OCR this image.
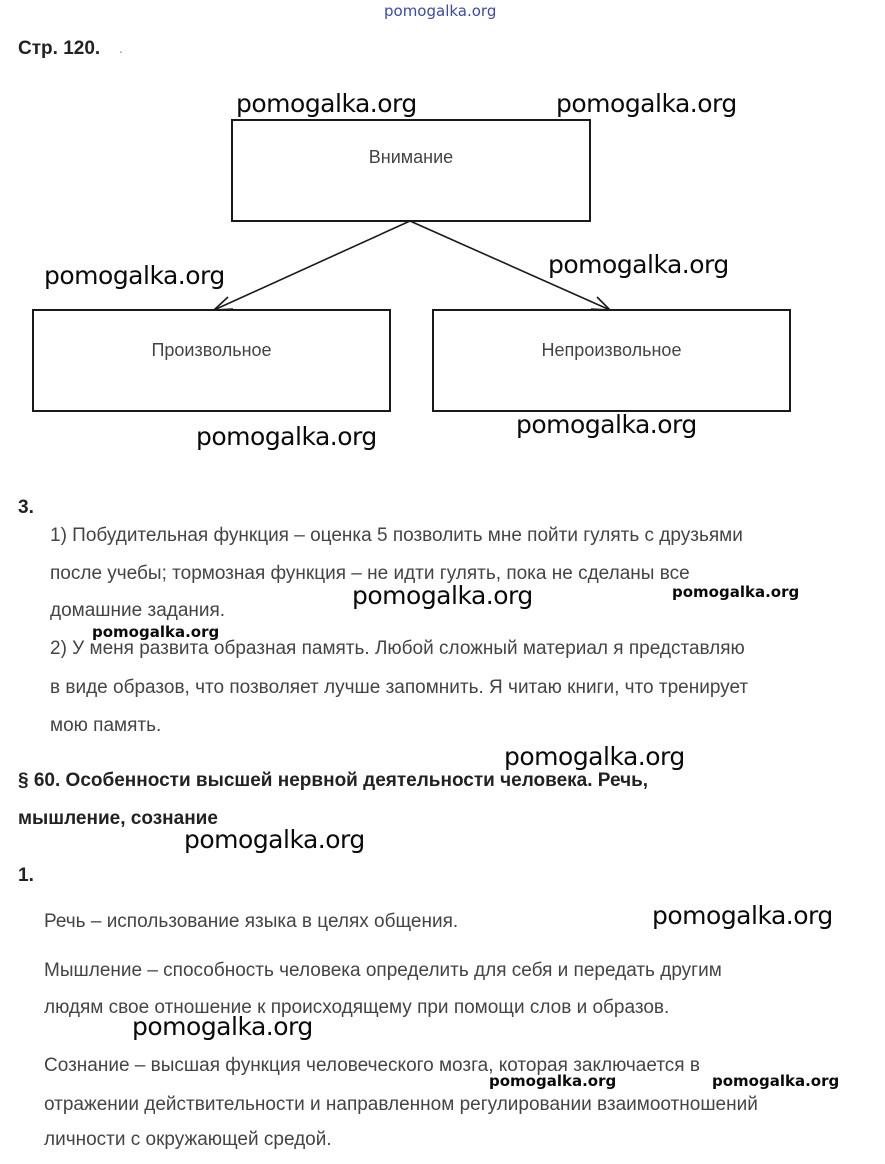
pomogalka.org
Стр. 120. .
Внимание
Произвольное	Непроизвольное
pomogalka.org	pomogalka.org
pomogalka.org	pomogalka.org
pomogalka.org	pomogalka.org
3.
1) Побудительная функция – оценка 5 позволить мне пойти гулять с друзьями
после учебы; тормозная функция – не идти гулять, пока не сделаны все
домашние задания.
2) У меня развита образная память. Любой сложный материал я представляю
в виде образов, что позволяет лучше запомнить. Я читаю книги, что тренирует
мою память.
pomogalka.org	pomogalka.org
pomogalka.org
pomogalka.org
§ 60. Особенности высшей нервной деятельности человека. Речь,
мышление, сознание
pomogalka.org
1.
Речь – использование языка в целях общения.	pomogalka.org
Мышление – способность человека определить для себя и передать другим
людям свое отношение к происходящему при помощи слов и образов.
pomogalka.org
Сознание – высшая функция человеческого мозга, которая заключается в
pomogalka.org	pomogalka.org
отражении действительности и направленном регулировании взаимоотношений
личности с окружающей средой.
